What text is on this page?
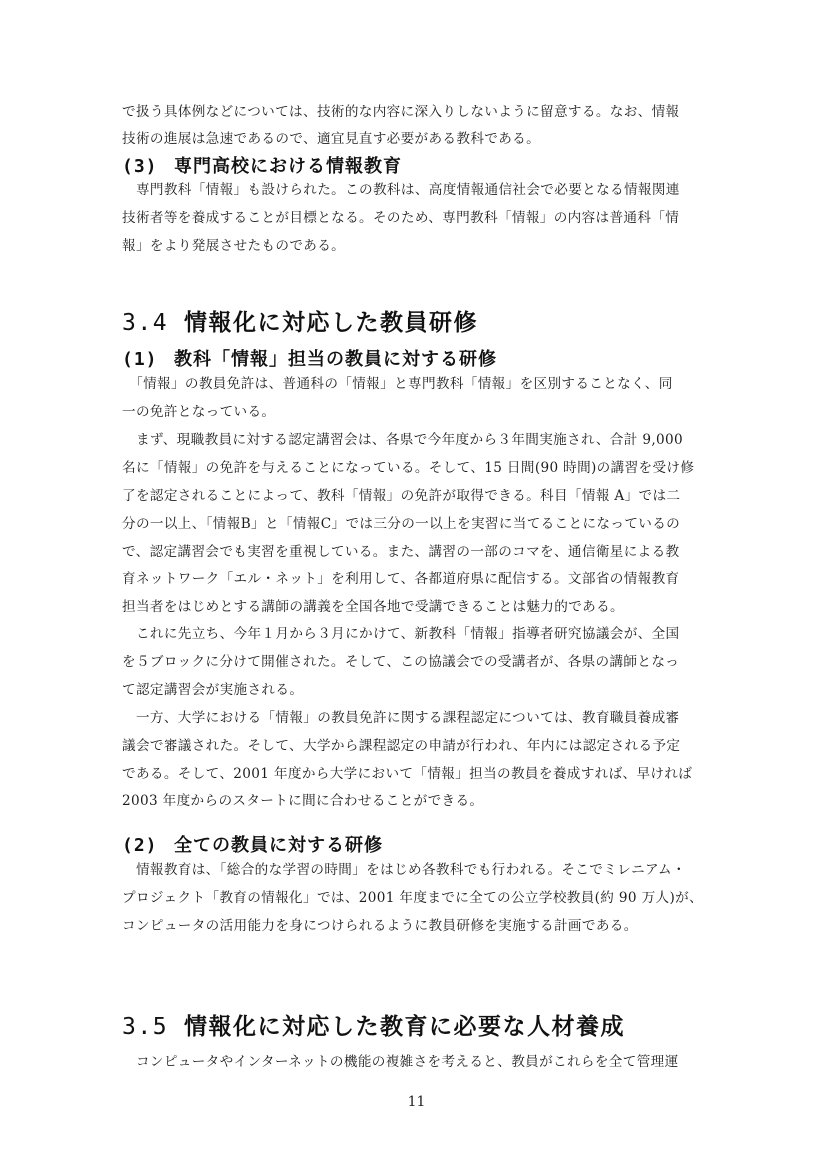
で扱う具体例などについては、技術的な内容に深入りしないように留意する。なお、情報
技術の進展は急速であるので、適宜見直す必要がある教科である。
(3) 専門高校における情報教育
　専門教科「情報」も設けられた。この教科は、高度情報通信社会で必要となる情報関連
技術者等を養成することが目標となる。そのため、専門教科「情報」の内容は普通科「情
報」をより発展させたものである。
3.4 情報化に対応した教員研修
(1) 教科「情報」担当の教員に対する研修
　「情報」の教員免許は、普通科の「情報」と専門教科「情報」を区別することなく、同
一の免許となっている。
　まず、現職教員に対する認定講習会は、各県で今年度から３年間実施され、合計 9,000
名に「情報」の免許を与えることになっている。そして、15 日間(90 時間)の講習を受け修
了を認定されることによって、教科「情報」の免許が取得できる。科目「情報 A」では二
分の一以上、「情報B」と「情報C」では三分の一以上を実習に当てることになっているの
で、認定講習会でも実習を重視している。また、講習の一部のコマを、通信衛星による教
育ネットワーク「エル・ネット」を利用して、各都道府県に配信する。文部省の情報教育
担当者をはじめとする講師の講義を全国各地で受講できることは魅力的である。
　これに先立ち、今年１月から３月にかけて、新教科「情報」指導者研究協議会が、全国
を５ブロックに分けて開催された。そして、この協議会での受講者が、各県の講師となっ
て認定講習会が実施される。
　一方、大学における「情報」の教員免許に関する課程認定については、教育職員養成審
議会で審議された。そして、大学から課程認定の申請が行われ、年内には認定される予定
である。そして、2001 年度から大学において「情報」担当の教員を養成すれば、早ければ
2003 年度からのスタートに間に合わせることができる。
(2) 全ての教員に対する研修
　情報教育は、「総合的な学習の時間」をはじめ各教科でも行われる。そこでミレニアム・
プロジェクト「教育の情報化」では、2001 年度までに全ての公立学校教員(約 90 万人)が、
コンピュータの活用能力を身につけられるように教員研修を実施する計画である。
3.5 情報化に対応した教育に必要な人材養成
　コンピュータやインターネットの機能の複雑さを考えると、教員がこれらを全て管理運
11
